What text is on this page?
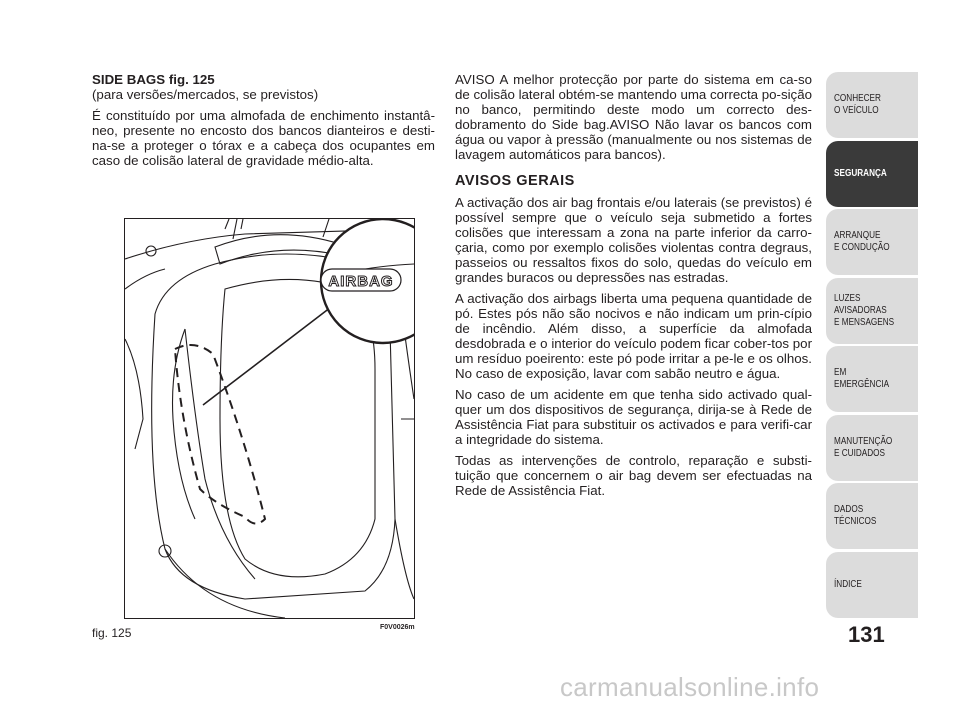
SIDE BAGS fig. 125

(para versões/mercados, se previstos)

É constituído por uma almofada de enchimento instantâ-neo, presente no encosto dos bancos dianteiros e desti-na-se a proteger o tórax e a cabeça dos ocupantes em caso de colisão lateral de gravidade médio-alta.

AIRBAG
fig. 125	F0V0026m

AVISO A melhor protecção por parte do sistema em ca-so de colisão lateral obtém-se mantendo uma correcta po-sição no banco, permitindo deste modo um correcto des-dobramento do Side bag.AVISO Não lavar os bancos com água ou vapor à pressão (manualmente ou nos sistemas de lavagem automáticos para bancos).

AVISOS GERAIS

A activação dos air bag frontais e/ou laterais (se previstos) é possível sempre que o veículo seja submetido a fortes colisões que interessam a zona na parte inferior da carro-çaria, como por exemplo colisões violentas contra degraus, passeios ou ressaltos fixos do solo, quedas do veículo em grandes buracos ou depressões nas estradas.

A activação dos airbags liberta uma pequena quantidade de pó. Estes pós não são nocivos e não indicam um prin-cípio de incêndio. Além disso, a superfície da almofada desdobrada e o interior do veículo podem ficar cober-tos por um resíduo poeirento: este pó pode irritar a pe-le e os olhos. No caso de exposição, lavar com sabão neutro e água.

No caso de um acidente em que tenha sido activado qual-quer um dos dispositivos de segurança, dirija-se à Rede de Assistência Fiat para substituir os activados e para verifi-car a integridade do sistema.

Todas as intervenções de controlo, reparação e substi-tuição que concernem o air bag devem ser efectuadas na Rede de Assistência Fiat.

CONHECER
O VEÍCULO
SEGURANÇA
ARRANQUE
E CONDUÇÃO
LUZES AVISADORAS
E MENSAGENS
EM EMERGÊNCIA
MANUTENÇÃO
E CUIDADOS
DADOS TÉCNICOS
ÍNDICE
131
carmanualsonline.info
